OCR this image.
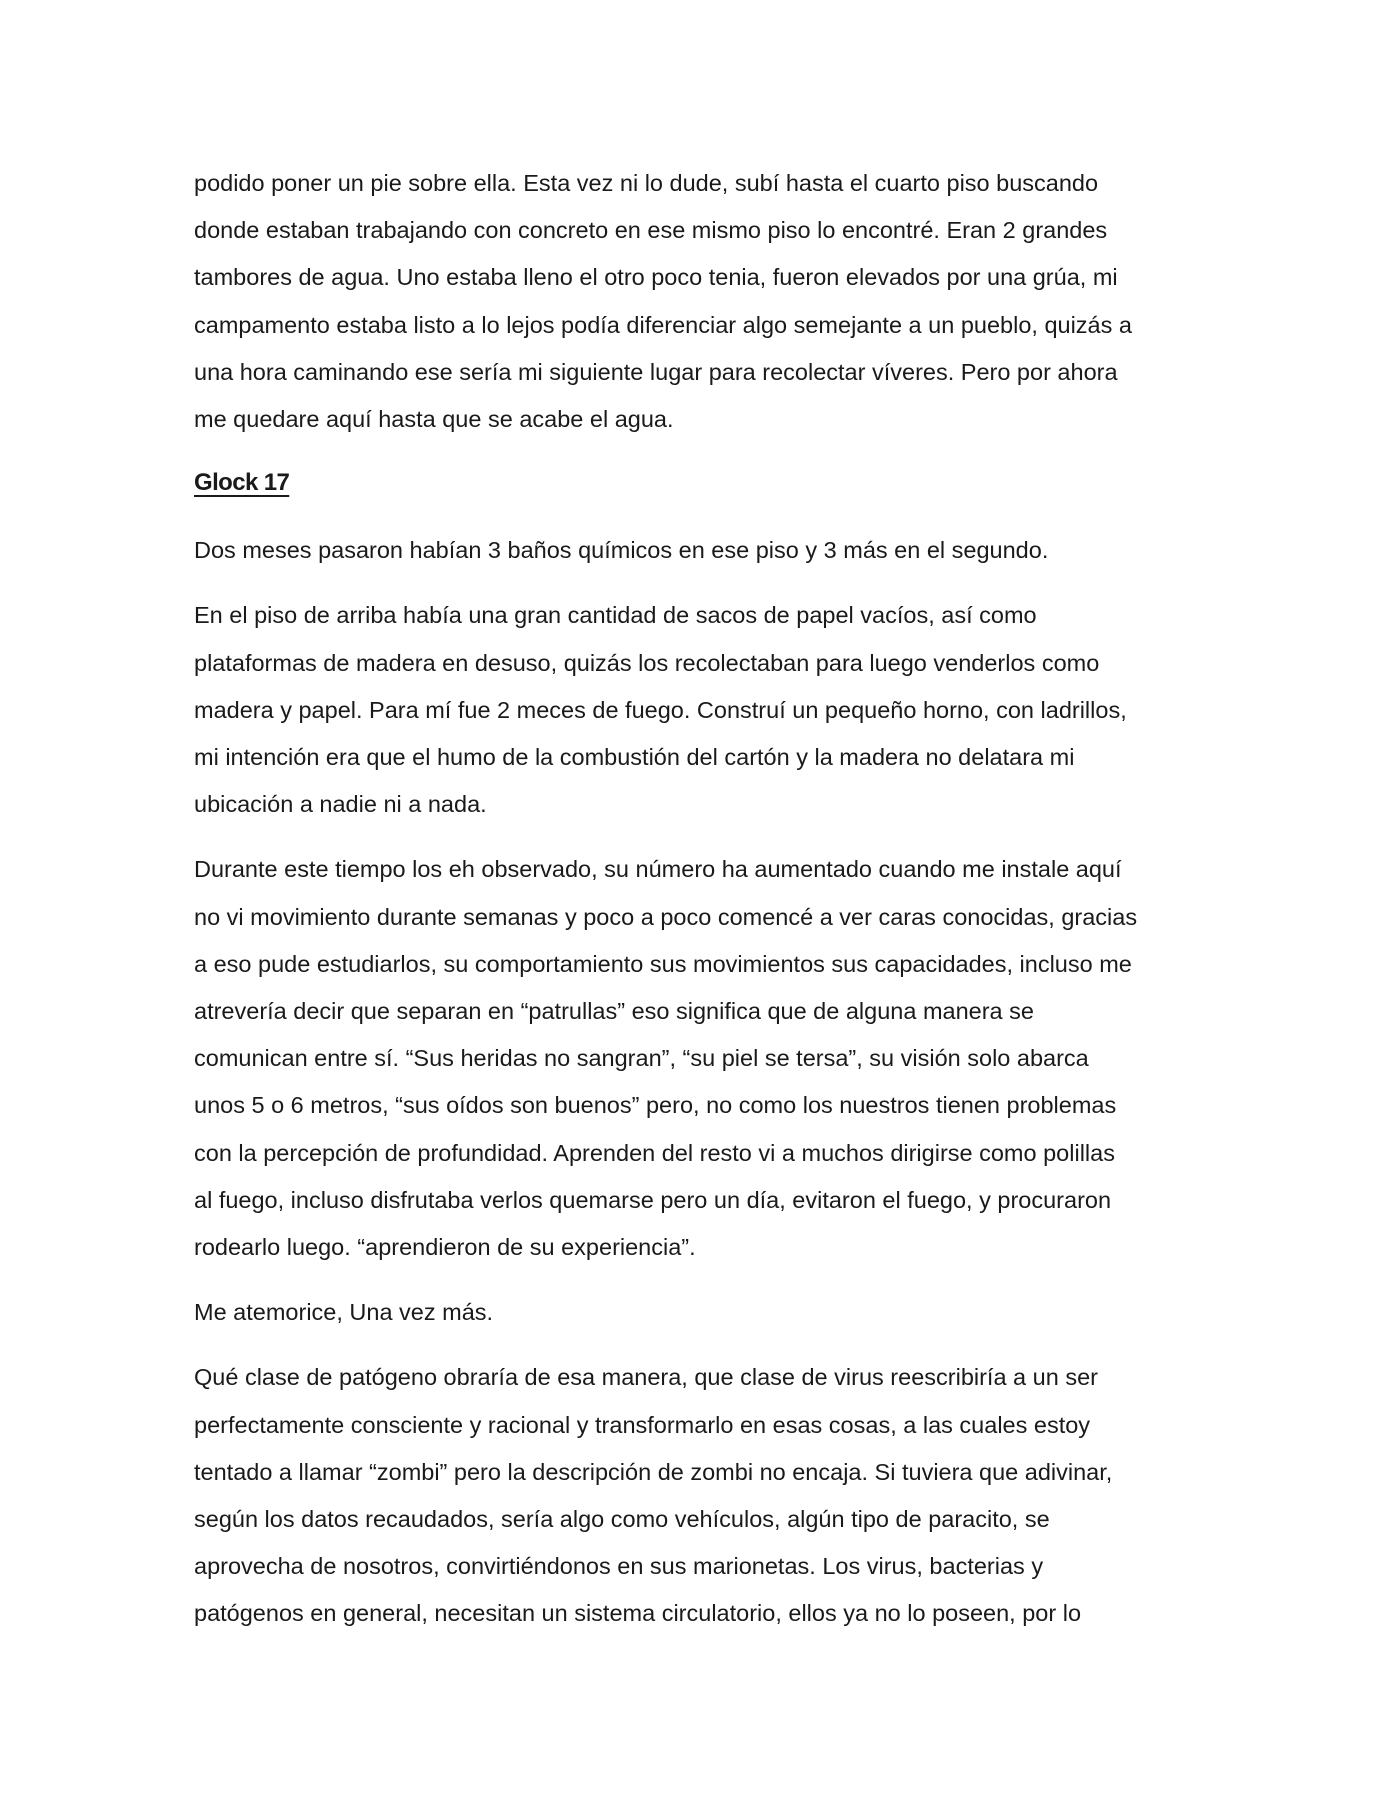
podido poner un pie sobre ella. Esta vez ni lo dude, subí hasta el cuarto piso buscando
donde estaban trabajando con concreto en ese mismo piso lo encontré. Eran 2 grandes
tambores de agua. Uno estaba lleno el otro poco tenia, fueron elevados por una grúa, mi
campamento estaba listo a lo lejos podía diferenciar algo semejante a un pueblo, quizás a
una hora caminando ese sería mi siguiente lugar para recolectar víveres. Pero por ahora
me quedare aquí hasta que se acabe el agua.

Glock 17

Dos meses pasaron habían 3 baños químicos en ese piso y 3 más en el segundo.

En el piso de arriba había una gran cantidad de sacos de papel vacíos, así como
plataformas de madera en desuso, quizás los recolectaban para luego venderlos como
madera y papel. Para mí fue 2 meces de fuego. Construí un pequeño horno, con ladrillos,
mi intención era que el humo de la combustión del cartón y la madera no delatara mi
ubicación a nadie ni a nada.

Durante este tiempo los eh observado, su número ha aumentado cuando me instale aquí
no vi movimiento durante semanas y poco a poco comencé a ver caras conocidas, gracias
a eso pude estudiarlos, su comportamiento sus movimientos sus capacidades, incluso me
atrevería decir que separan en “patrullas” eso significa que de alguna manera se
comunican entre sí. “Sus heridas no sangran”, “su piel se tersa”, su visión solo abarca
unos 5 o 6 metros, “sus oídos son buenos” pero, no como los nuestros tienen problemas
con la percepción de profundidad. Aprenden del resto vi a muchos dirigirse como polillas
al fuego, incluso disfrutaba verlos quemarse pero un día, evitaron el fuego, y procuraron
rodearlo luego. “aprendieron de su experiencia”.

Me atemorice, Una vez más.

Qué clase de patógeno obraría de esa manera, que clase de virus reescribiría a un ser
perfectamente consciente y racional y transformarlo en esas cosas, a las cuales estoy
tentado a llamar “zombi” pero la descripción de zombi no encaja. Si tuviera que adivinar,
según los datos recaudados, sería algo como vehículos, algún tipo de paracito, se
aprovecha de nosotros, convirtiéndonos en sus marionetas. Los virus, bacterias y
patógenos en general, necesitan un sistema circulatorio, ellos ya no lo poseen, por lo
